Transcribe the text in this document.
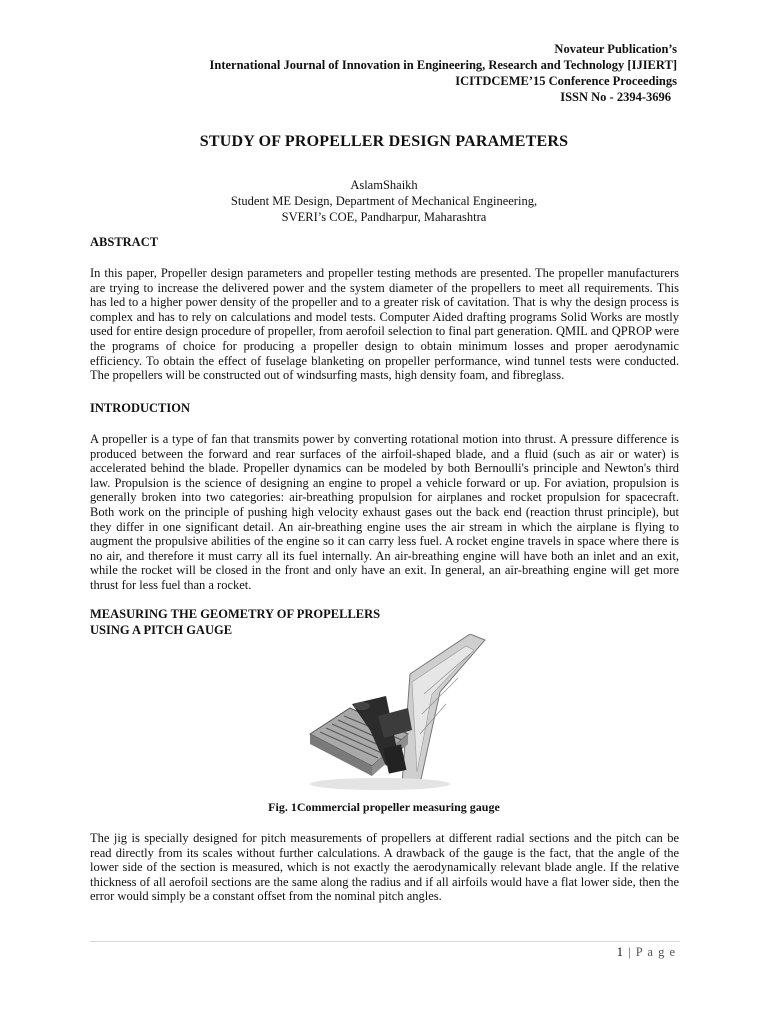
Novateur Publication’s
International Journal of Innovation in Engineering, Research and Technology [IJIERT]
ICITDCEME’15 Conference Proceedings
ISSN No - 2394-3696
STUDY OF PROPELLER DESIGN PARAMETERS
AslamShaikh
Student ME Design, Department of Mechanical Engineering,
SVERI’s COE, Pandharpur, Maharashtra
ABSTRACT
In this paper, Propeller design parameters and propeller testing methods are presented. The propeller manufacturers are trying to increase the delivered power and the system diameter of the propellers to meet all requirements. This has led to a higher power density of the propeller and to a greater risk of cavitation. That is why the design process is complex and has to rely on calculations and model tests. Computer Aided drafting programs Solid Works are mostly used for entire design procedure of propeller, from aerofoil selection to final part generation. QMIL and QPROP were the programs of choice for producing a propeller design to obtain minimum losses and proper aerodynamic efficiency. To obtain the effect of fuselage blanketing on propeller performance, wind tunnel tests were conducted. The propellers will be constructed out of windsurfing masts, high density foam, and fibreglass.
INTRODUCTION
A propeller is a type of fan that transmits power by converting rotational motion into thrust. A pressure difference is produced between the forward and rear surfaces of the airfoil-shaped blade, and a fluid (such as air or water) is accelerated behind the blade. Propeller dynamics can be modeled by both Bernoulli's principle and Newton's third law. Propulsion is the science of designing an engine to propel a vehicle forward or up. For aviation, propulsion is generally broken into two categories: air-breathing propulsion for airplanes and rocket propulsion for spacecraft. Both work on the principle of pushing high velocity exhaust gases out the back end (reaction thrust principle), but they differ in one significant detail. An air-breathing engine uses the air stream in which the airplane is flying to augment the propulsive abilities of the engine so it can carry less fuel. A rocket engine travels in space where there is no air, and therefore it must carry all its fuel internally. An air-breathing engine will have both an inlet and an exit, while the rocket will be closed in the front and only have an exit. In general, an air-breathing engine will get more thrust for less fuel than a rocket.
MEASURING THE GEOMETRY OF PROPELLERS
USING A PITCH GAUGE
Fig. 1Commercial propeller measuring gauge
The jig is specially designed for pitch measurements of propellers at different radial sections and the pitch can be read directly from its scales without further calculations. A drawback of the gauge is the fact, that the angle of the lower side of the section is measured, which is not exactly the aerodynamically relevant blade angle. If the relative thickness of all aerofoil sections are the same along the radius and if all airfoils would have a flat lower side, then the error would simply be a constant offset from the nominal pitch angles.
1 | P a g e
